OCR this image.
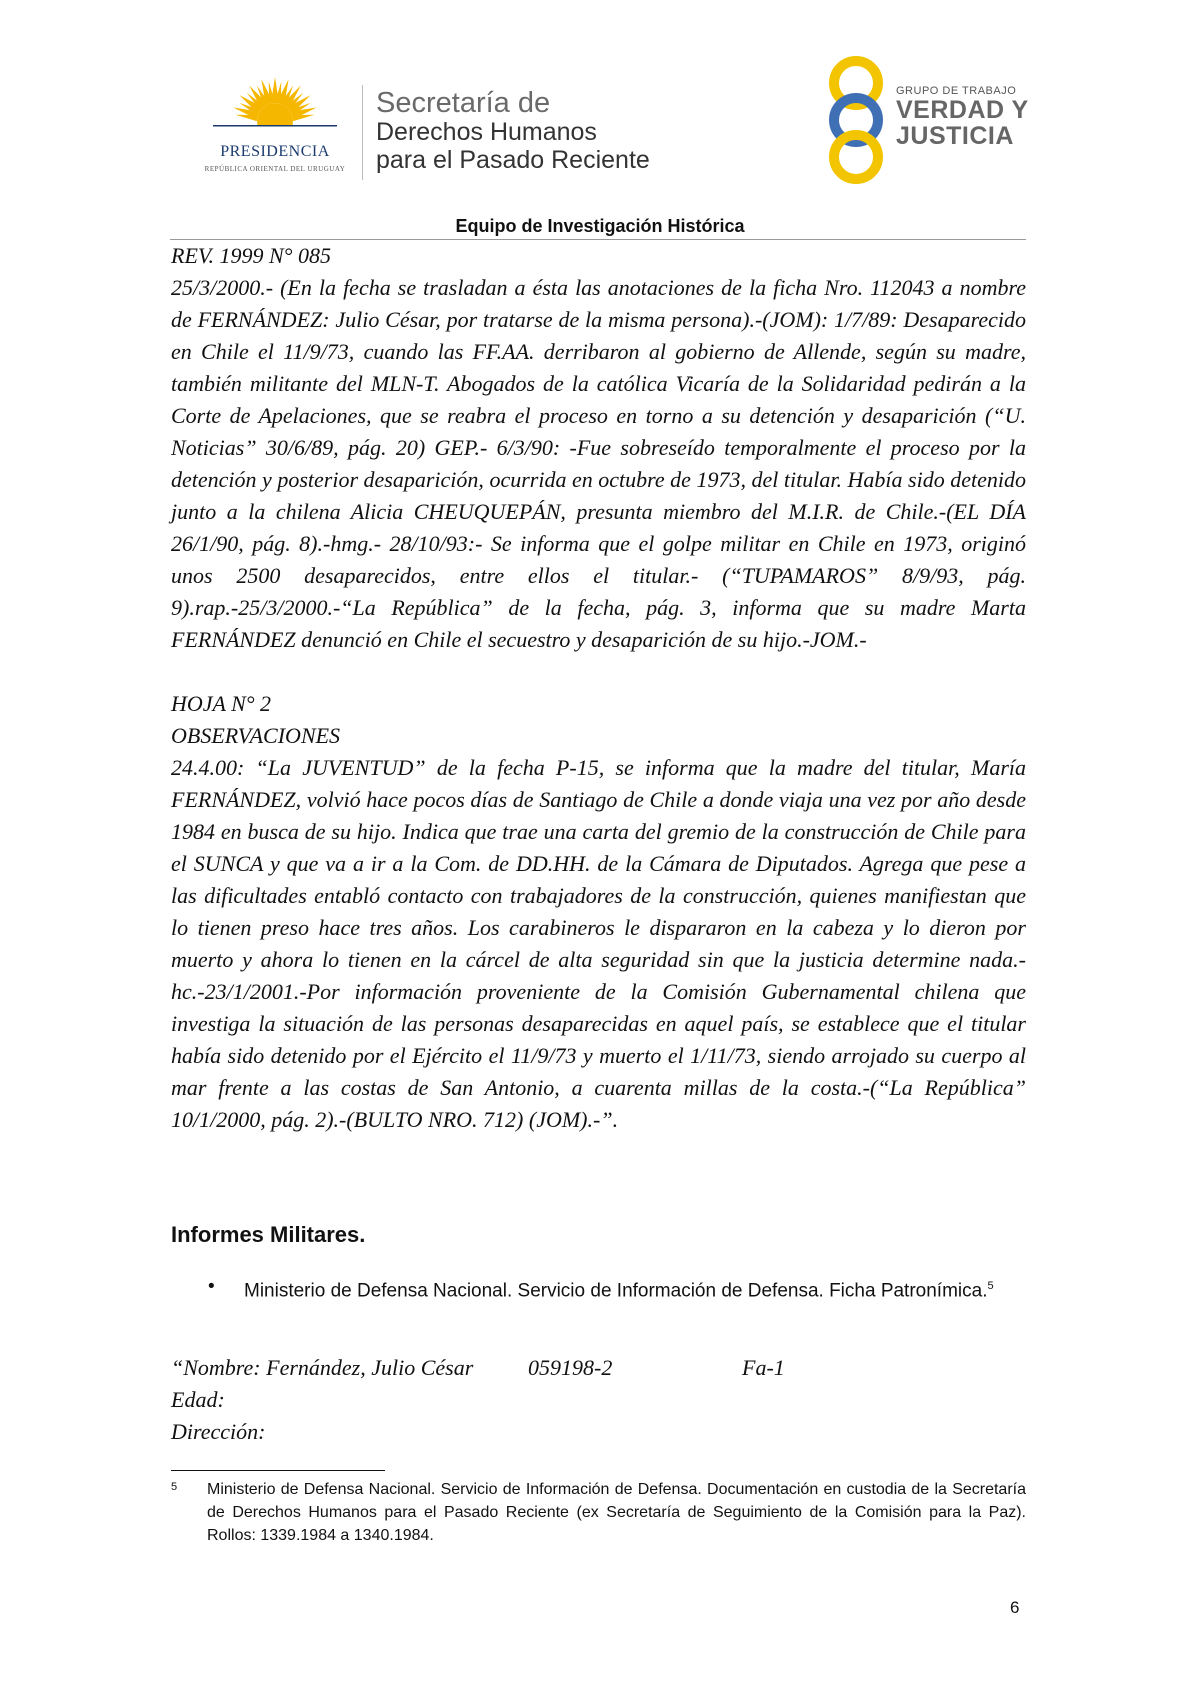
PRESIDENCIA
REPÚBLICA ORIENTAL DEL URUGUAY
Secretaría de
Derechos Humanos
para el Pasado Reciente
GRUPO DE TRABAJO
VERDAD Y
JUSTICIA
Equipo de Investigación Histórica

REV. 1999 N° 085

25/3/2000.- (En la fecha se trasladan a ésta las anotaciones de la ficha Nro. 112043 a nombre de FERNÁNDEZ: Julio César, por tratarse de la misma persona).-(JOM): 1/7/89: Desaparecido en Chile el 11/9/73, cuando las FF.AA. derribaron al gobierno de Allende, según su madre, también militante del MLN-T. Abogados de la católica Vicaría de la Solidaridad pedirán a la Corte de Apelaciones, que se reabra el proceso en torno a su detención y desaparición (“U. Noticias” 30/6/89, pág. 20) GEP.- 6/3/90: -Fue sobreseído temporalmente el proceso por la detención y posterior desaparición, ocurrida en octubre de 1973, del titular. Había sido detenido junto a la chilena Alicia CHEUQUEPÁN, presunta miembro del M.I.R. de Chile.-(EL DÍA 26/1/90, pág. 8).-hmg.- 28/10/93:- Se informa que el golpe militar en Chile en 1973, originó unos 2500 desaparecidos, entre ellos el titular.- (“TUPAMAROS” 8/9/93, pág. 9).rap.-25/3/2000.-“La República” de la fecha, pág. 3, informa que su madre Marta FERNÁNDEZ denunció en Chile el secuestro y desaparición de su hijo.-JOM.-

HOJA N° 2

OBSERVACIONES

24.4.00: “La JUVENTUD” de la fecha P-15, se informa que la madre del titular, María FERNÁNDEZ, volvió hace pocos días de Santiago de Chile a donde viaja una vez por año desde 1984 en busca de su hijo. Indica que trae una carta del gremio de la construcción de Chile para el SUNCA y que va a ir a la Com. de DD.HH. de la Cámara de Diputados. Agrega que pese a las dificultades entabló contacto con trabajadores de la construcción, quienes manifiestan que lo tienen preso hace tres años. Los carabineros le dispararon en la cabeza y lo dieron por muerto y ahora lo tienen en la cárcel de alta seguridad sin que la justicia determine nada.-hc.-23/1/2001.-Por información proveniente de la Comisión Gubernamental chilena que investiga la situación de las personas desaparecidas en aquel país, se establece que el titular había sido detenido por el Ejército el 11/9/73 y muerto el 1/11/73, siendo arrojado su cuerpo al mar frente a las costas de San Antonio, a cuarenta millas de la costa.-(“La República” 10/1/2000, pág. 2).-(BULTO NRO. 712) (JOM).-”.

Informes Militares.
•	Ministerio de Defensa Nacional. Servicio de Información de Defensa. Ficha Patronímica.$^5$
“Nombre: Fernández, Julio César 059198-2	Fa-1
Edad:
Dirección:
5 Ministerio de Defensa Nacional. Servicio de Información de Defensa. Documentación en custodia de la Secretaría de Derechos Humanos para el Pasado Reciente (ex Secretaría de Seguimiento de la Comisión para la Paz). Rollos: 1339.1984 a 1340.1984.
6
